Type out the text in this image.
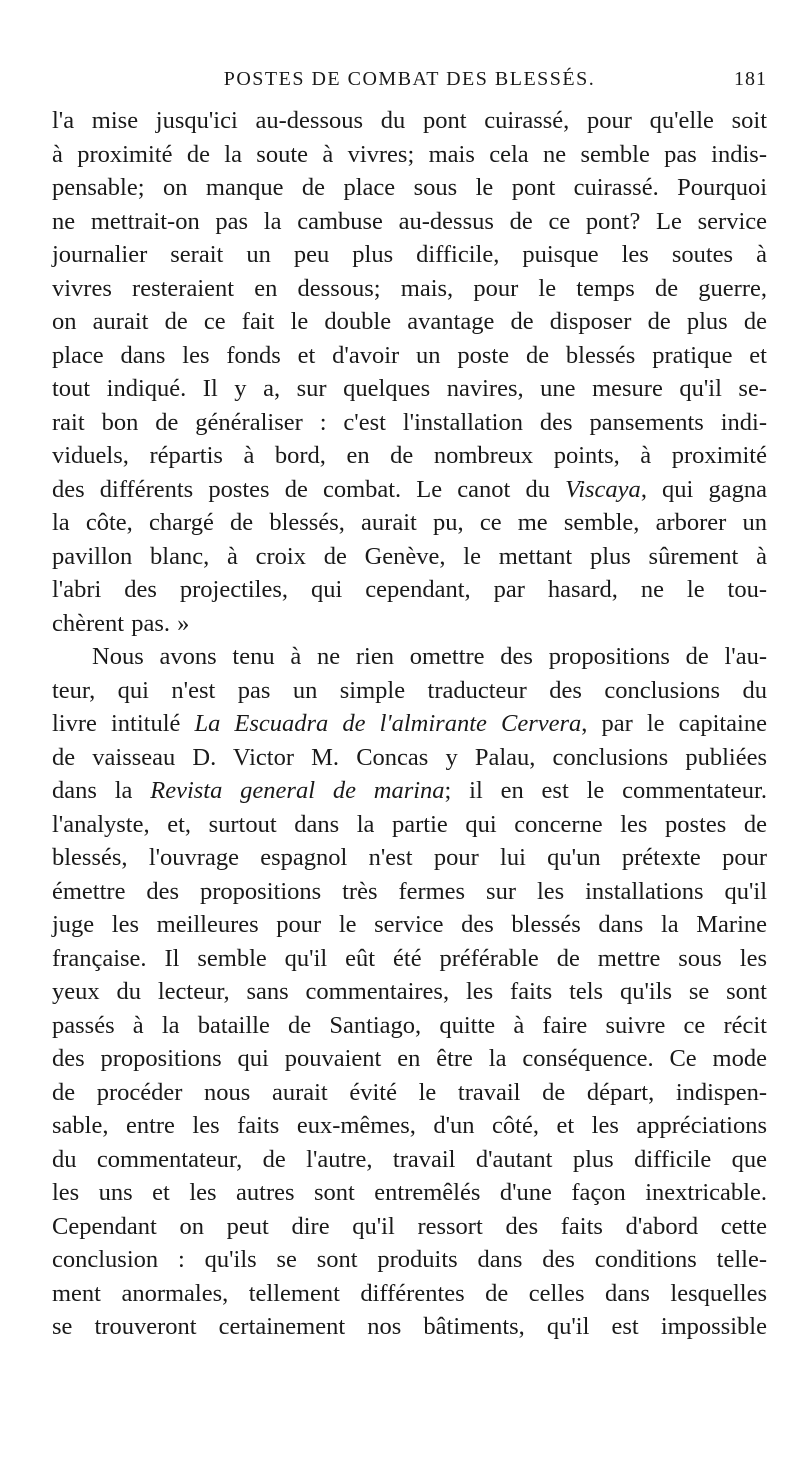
POSTES DE COMBAT DES BLESSÉS.	181
l'a mise jusqu'ici au-dessous du pont cuirassé, pour qu'elle soit
à proximité de la soute à vivres; mais cela ne semble pas indis-
pensable; on manque de place sous le pont cuirassé. Pourquoi
ne mettrait-on pas la cambuse au-dessus de ce pont? Le service
journalier serait un peu plus difficile, puisque les soutes à
vivres resteraient en dessous; mais, pour le temps de guerre,
on aurait de ce fait le double avantage de disposer de plus de
place dans les fonds et d'avoir un poste de blessés pratique et
tout indiqué. Il y a, sur quelques navires, une mesure qu'il se-
rait bon de généraliser : c'est l'installation des pansements indi-
viduels, répartis à bord, en de nombreux points, à proximité
des différents postes de combat. Le canot du Viscaya, qui gagna
la côte, chargé de blessés, aurait pu, ce me semble, arborer un
pavillon blanc, à croix de Genève, le mettant plus sûrement à
l'abri des projectiles, qui cependant, par hasard, ne le tou-
chèrent pas. »
Nous avons tenu à ne rien omettre des propositions de l'au-
teur, qui n'est pas un simple traducteur des conclusions du
livre intitulé La Escuadra de l'almirante Cervera, par le capitaine
de vaisseau D. Victor M. Concas y Palau, conclusions publiées
dans la Revista general de marina; il en est le commentateur.
l'analyste, et, surtout dans la partie qui concerne les postes de
blessés, l'ouvrage espagnol n'est pour lui qu'un prétexte pour
émettre des propositions très fermes sur les installations qu'il
juge les meilleures pour le service des blessés dans la Marine
française. Il semble qu'il eût été préférable de mettre sous les
yeux du lecteur, sans commentaires, les faits tels qu'ils se sont
passés à la bataille de Santiago, quitte à faire suivre ce récit
des propositions qui pouvaient en être la conséquence. Ce mode
de procéder nous aurait évité le travail de départ, indispen-
sable, entre les faits eux-mêmes, d'un côté, et les appréciations
du commentateur, de l'autre, travail d'autant plus difficile que
les uns et les autres sont entremêlés d'une façon inextricable.
Cependant on peut dire qu'il ressort des faits d'abord cette
conclusion : qu'ils se sont produits dans des conditions telle-
ment anormales, tellement différentes de celles dans lesquelles
se trouveront certainement nos bâtiments, qu'il est impossible
